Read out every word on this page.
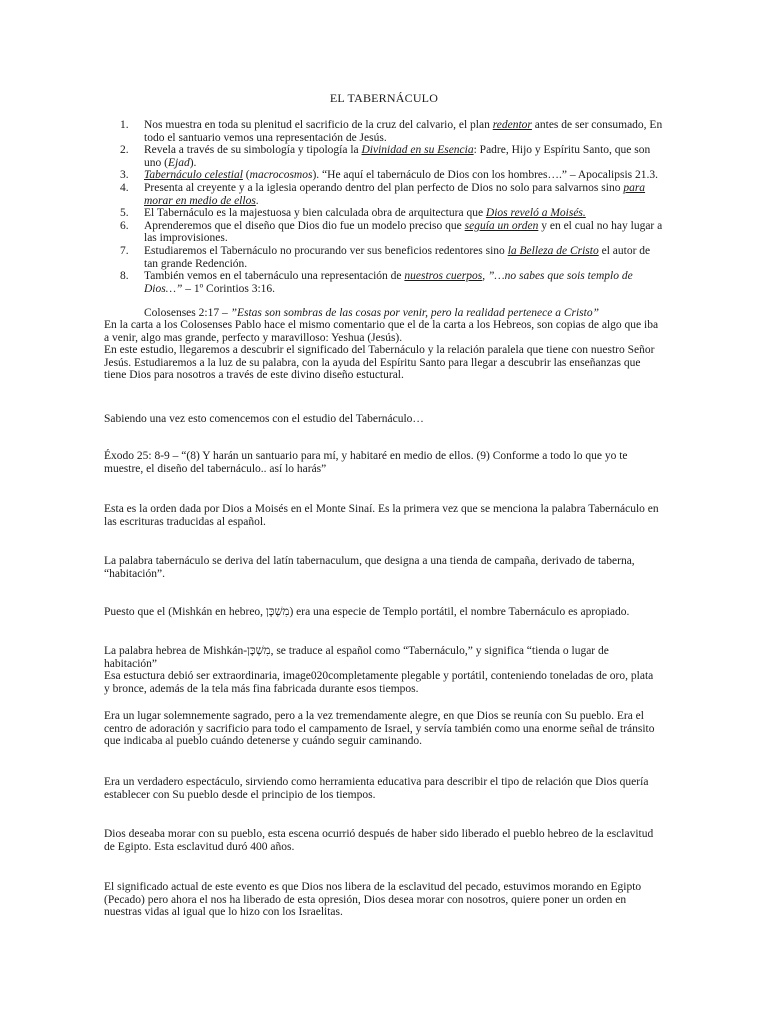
EL TABERNÁCULO
1. Nos muestra en toda su plenitud el sacrificio de la cruz del calvario, el plan redentor antes de ser consumado, En todo el santuario vemos una representación de Jesús.
2. Revela a través de su simbología y tipología la Divinidad en su Esencia: Padre, Hijo y Espíritu Santo, que son uno (Ejad).
3. Tabernáculo celestial (macrocosmos). “He aquí el tabernáculo de Dios con los hombres….” – Apocalipsis 21.3.
4. Presenta al creyente y a la iglesia operando dentro del plan perfecto de Dios no solo para salvarnos sino para morar en medio de ellos.
5. El Tabernáculo es la majestuosa y bien calculada obra de arquitectura que Dios reveló a Moisés.
6. Aprenderemos que el diseño que Dios dio fue un modelo preciso que seguía un orden y en el cual no hay lugar a las improvisiones.
7. Estudiaremos el Tabernáculo no procurando ver sus beneficios redentores sino la Belleza de Cristo el autor de tan grande Redención.
8. También vemos en el tabernáculo una representación de nuestros cuerpos, ”…no sabes que sois templo de Dios…” – 1º Corintios 3:16.
Colosenses 2:17 – ”Estas son sombras de las cosas por venir, pero la realidad pertenece a Cristo”

En la carta a los Colosenses Pablo hace el mismo comentario que el de la carta a los Hebreos, son copias de algo que iba a venir, algo mas grande, perfecto y maravilloso: Yeshua (Jesús).
En este estudio, llegaremos a descubrir el significado del Tabernáculo y la relación paralela que tiene con nuestro Señor Jesús. Estudiaremos a la luz de su palabra, con la ayuda del Espíritu Santo para llegar a descubrir las enseñanzas que tiene Dios para nosotros a través de este divino diseño estuctural.

Sabiendo una vez esto comencemos con el estudio del Tabernáculo…

Éxodo 25: 8-9 – “(8) Y harán un santuario para mí, y habitaré en medio de ellos. (9) Conforme a todo lo que yo te muestre, el diseño del tabernáculo.. así lo harás”

Esta es la orden dada por Dios a Moisés en el Monte Sinaí. Es la primera vez que se menciona la palabra Tabernáculo en las escrituras traducidas al español.

La palabra tabernáculo se deriva del latín tabernaculum, que designa a una tienda de campaña, derivado de taberna, “habitación”.

Puesto que el (Mishkán en hebreo, מִשְׁכָּן) era una especie de Templo portátil, el nombre Tabernáculo es apropiado.

La palabra hebrea de Mishkán-מִשְׁכָּן, se traduce al español como “Tabernáculo,” y significa “tienda o lugar de habitación”
Esa estuctura debió ser extraordinaria, image020completamente plegable y portátil, conteniendo toneladas de oro, plata y bronce, además de la tela más fina fabricada durante esos tiempos.

Era un lugar solemnemente sagrado, pero a la vez tremendamente alegre, en que Dios se reunía con Su pueblo. Era el centro de adoración y sacrificio para todo el campamento de Israel, y servía también como una enorme señal de tránsito que indicaba al pueblo cuándo detenerse y cuándo seguir caminando.

Era un verdadero espectáculo, sirviendo como herramienta educativa para describir el tipo de relación que Dios quería establecer con Su pueblo desde el principio de los tiempos.

Dios deseaba morar con su pueblo, esta escena ocurrió después de haber sido liberado el pueblo hebreo de la esclavitud de Egipto. Esta esclavitud duró 400 años.

El significado actual de este evento es que Dios nos libera de la esclavitud del pecado, estuvimos morando en Egipto (Pecado) pero ahora el nos ha liberado de esta opresión, Dios desea morar con nosotros, quiere poner un orden en nuestras vidas al igual que lo hizo con los Israelitas.
